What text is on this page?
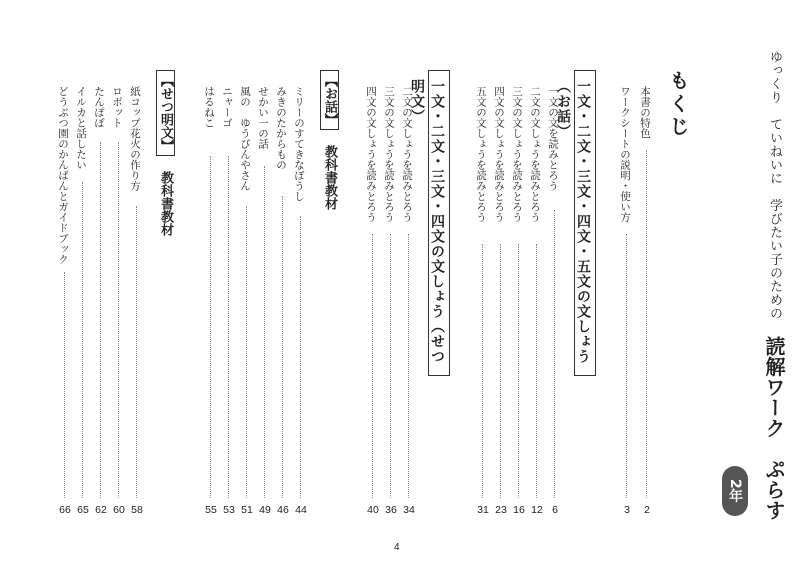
ゆっくり　ていねいに　学びたい子のための読解ワーク　ぷらす
2年
もくじ
本書の特色
2
ワークシートの説明・使い方
3
一文・二文・三文・四文・五文の文しょう（お話）
一文の文を読みとろう
6
二文の文しょうを読みとろう
12
三文の文しょうを読みとろう
16
四文の文しょうを読みとろう
23
五文の文しょうを読みとろう
31
一文・二文・三文・四文の文しょう（せつ明文）
二文の文しょうを読みとろう
34
三文の文しょうを読みとろう
36
四文の文しょうを読みとろう
40
【お話】  教科書教材
ミリーのすてきなぼうし
44
みきのたからもの
46
せかい一の話
49
風の　ゆうびんやさん
51
ニャーゴ
53
はるねこ
55
【せつ明文】  教科書教材
紙コップ花火の作り方
58
ロボット
60
たんぽぽ
62
イルカと話したい
65
どうぶつ園のかんばんとガイドブック
66
4
